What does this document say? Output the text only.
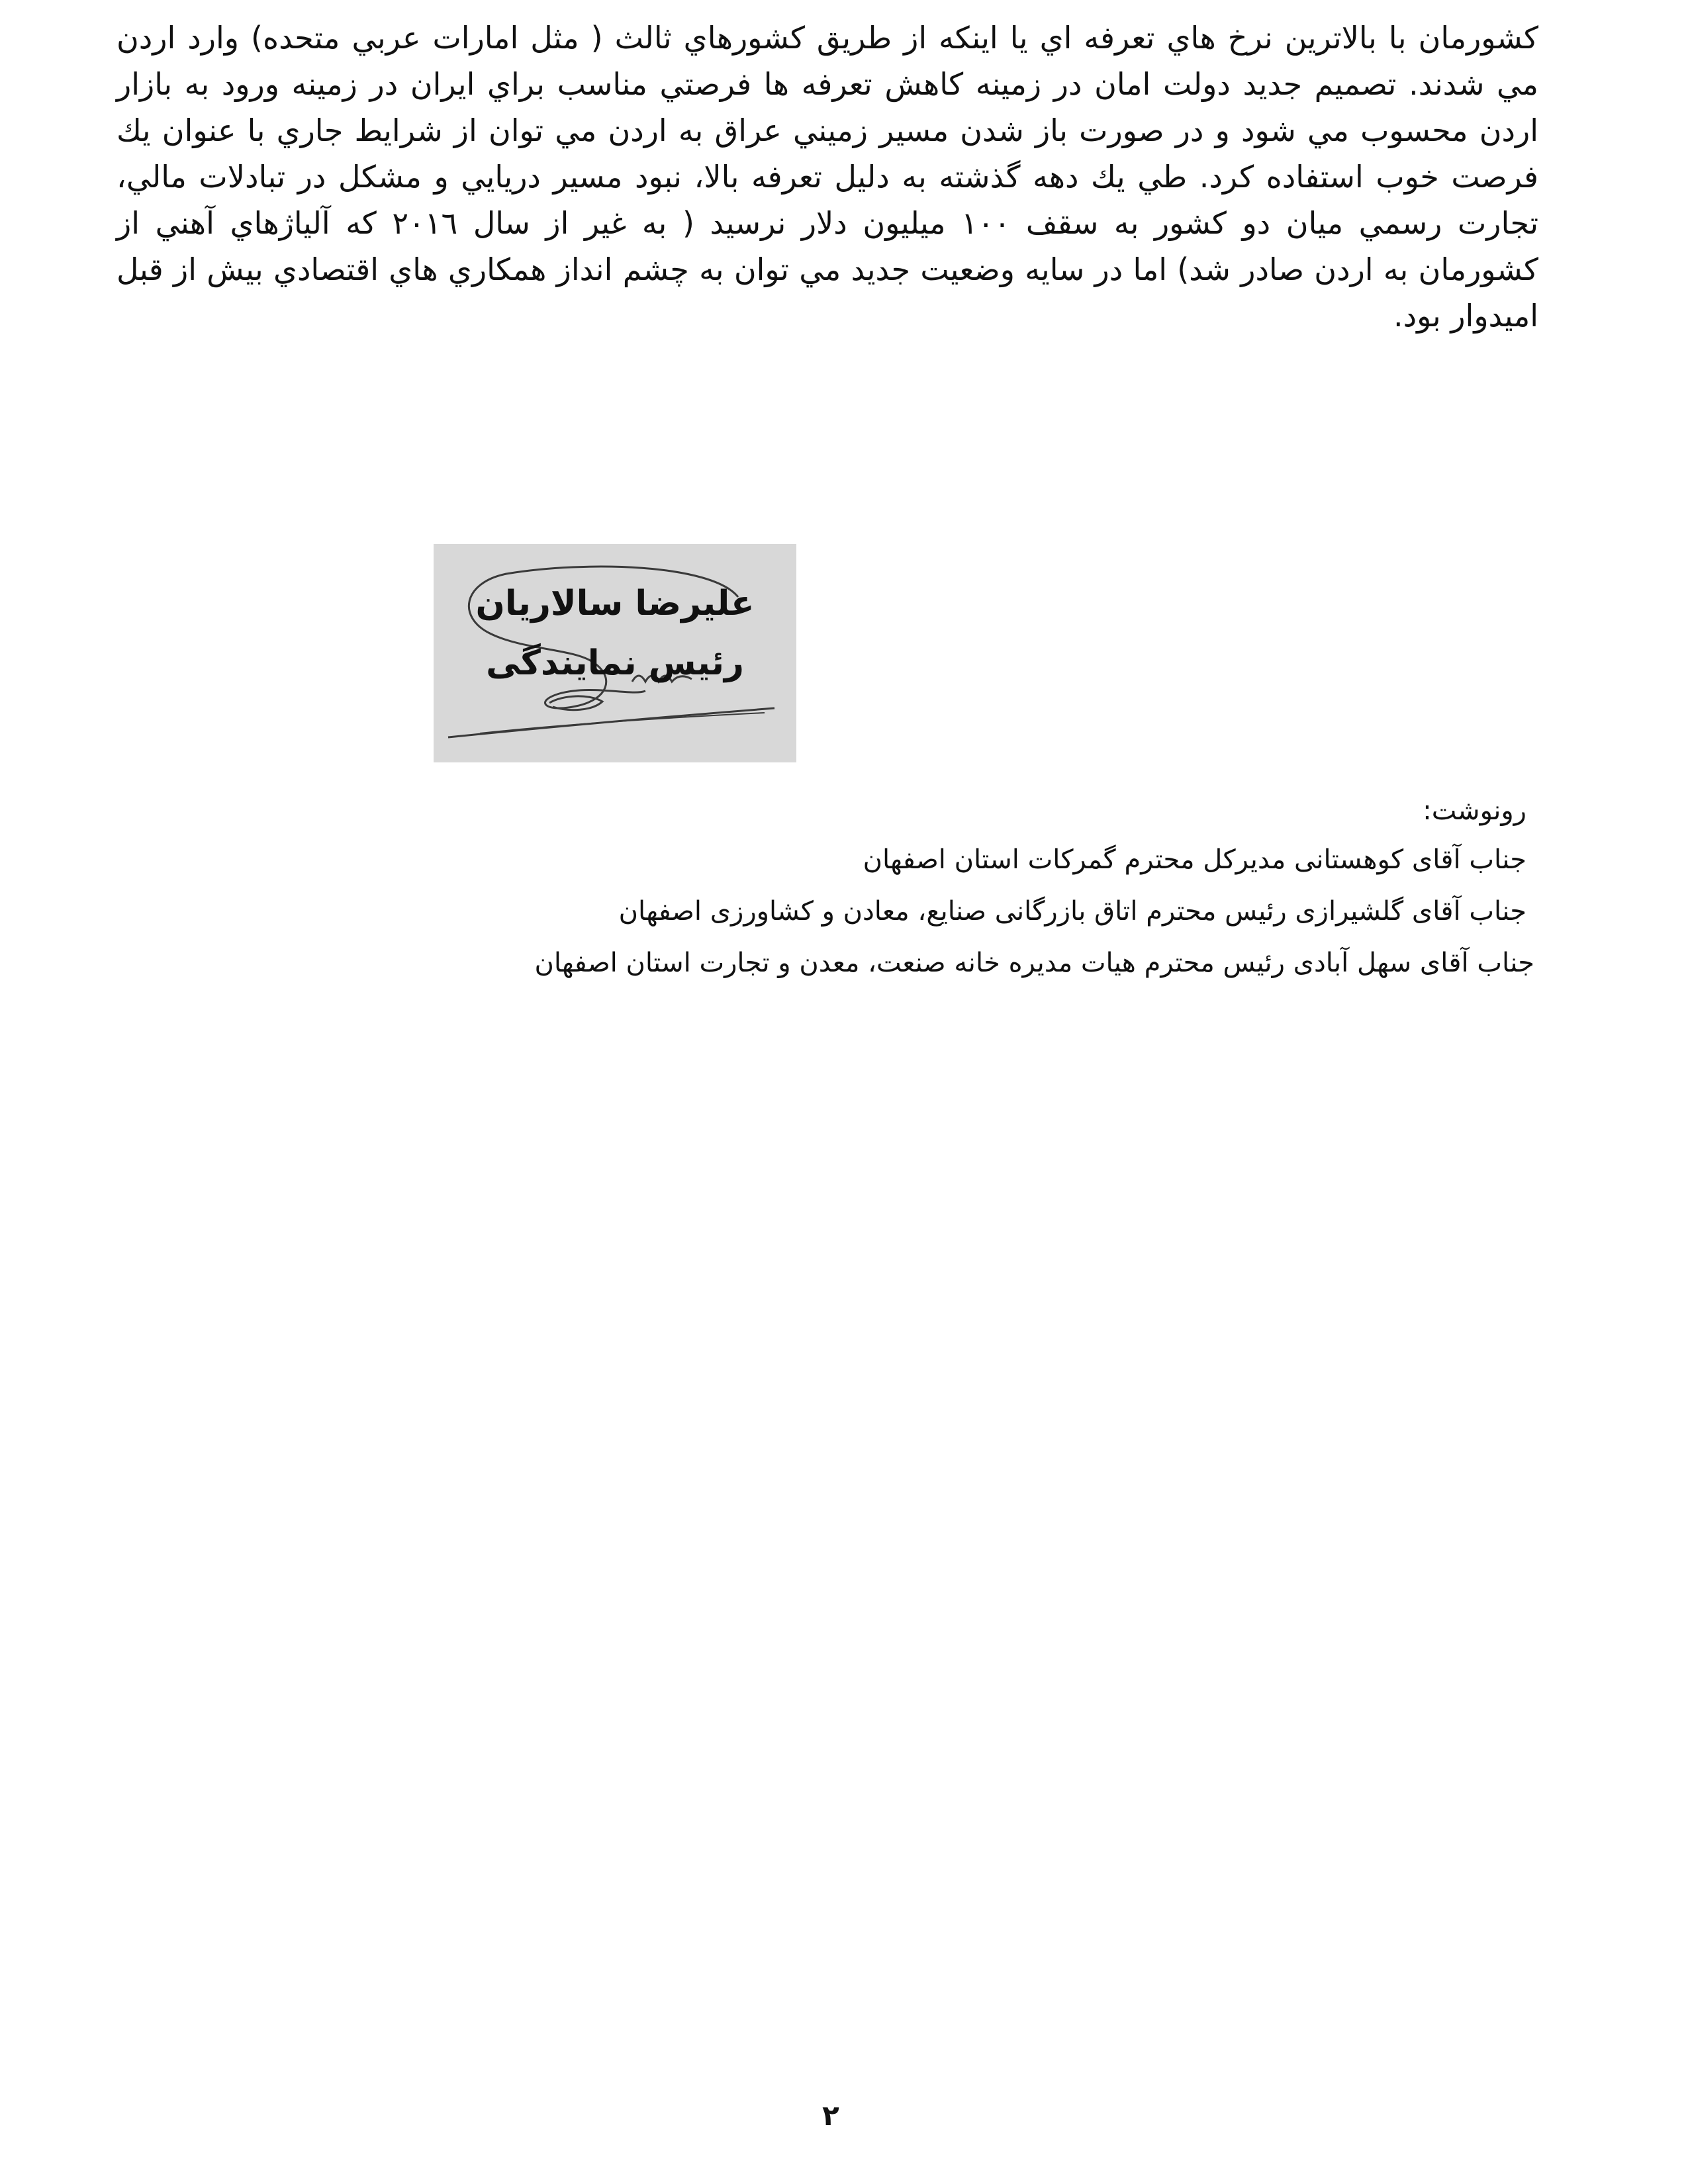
كشورمان با بالاترين نرخ هاي تعرفه اي يا اينكه از طريق كشورهاي ثالث ( مثل امارات عربي متحده) وارد اردن
مي شدند. تصميم جديد دولت امان در زمينه كاهش تعرفه ها فرصتي مناسب براي ايران در زمينه ورود به بازار
اردن محسوب مي شود و در صورت باز شدن مسير زميني عراق به اردن مي توان از شرايط جاري با عنوان يك
فرصت خوب استفاده كرد. طي يك دهه گذشته به دليل تعرفه بالا، نبود مسير دريايي و مشكل در تبادلات مالي،
تجارت رسمي ميان دو كشور به سقف ١٠٠ ميليون دلار نرسيد ( به غير از سال ٢٠١٦ كه آلياژهاي آهني از
كشورمان به اردن صادر شد) اما در سايه وضعيت جديد مي توان به چشم انداز همكاري هاي اقتصادي بيش از قبل
اميدوار بود.
علیرضا سالاریان
رئیس نمایندگی
رونوشت:
جناب آقای کوهستانی مدیرکل محترم گمرکات استان اصفهان
جناب آقای گلشیرازی رئیس محترم اتاق بازرگانی صنایع، معادن و کشاورزی اصفهان
جناب آقای سهل آبادی رئیس محترم هیات مدیره خانه صنعت، معدن و تجارت استان اصفهان
٢
